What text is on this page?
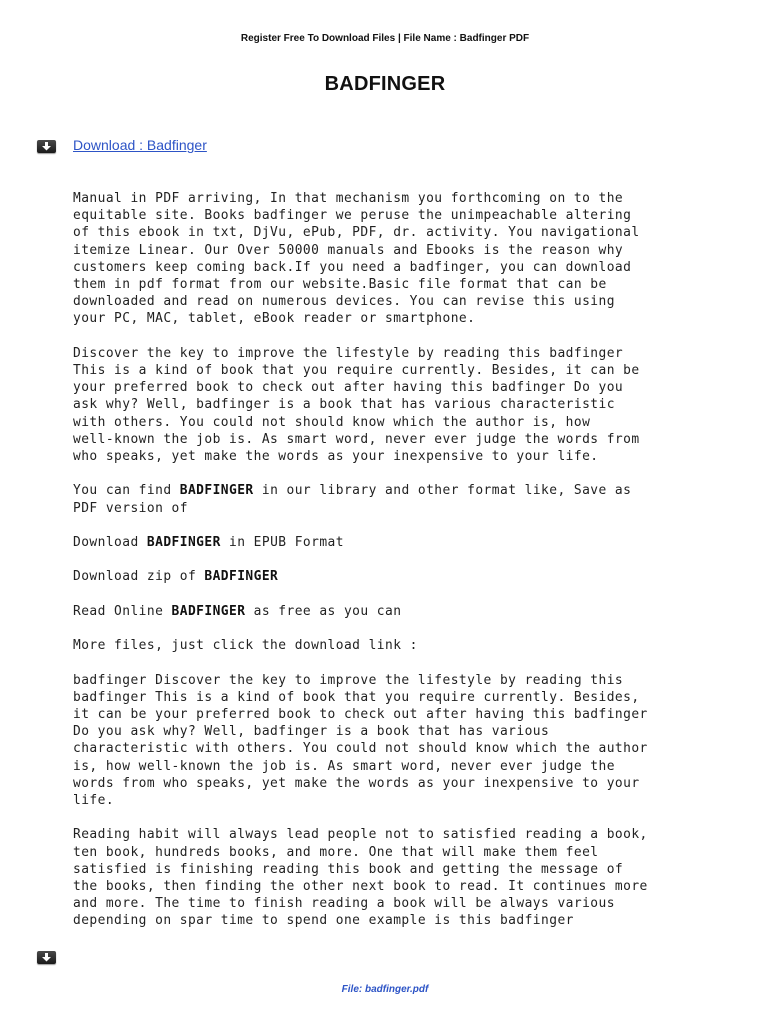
Register Free To Download Files | File Name : Badfinger PDF
BADFINGER
Download : Badfinger

Manual in PDF arriving, In that mechanism you forthcoming on to the
equitable site. Books badfinger we peruse the unimpeachable altering
of this ebook in txt, DjVu, ePub, PDF, dr. activity. You navigational
itemize Linear. Our Over 50000 manuals and Ebooks is the reason why
customers keep coming back.If you need a badfinger, you can download
them in pdf format from our website.Basic file format that can be
downloaded and read on numerous devices. You can revise this using
your PC, MAC, tablet, eBook reader or smartphone.

Discover the key to improve the lifestyle by reading this badfinger
This is a kind of book that you require currently. Besides, it can be
your preferred book to check out after having this badfinger Do you
ask why? Well, badfinger is a book that has various characteristic
with others. You could not should know which the author is, how
well-known the job is. As smart word, never ever judge the words from
who speaks, yet make the words as your inexpensive to your life.

You can find BADFINGER in our library and other format like, Save as
PDF version of

Download BADFINGER in EPUB Format

Download zip of BADFINGER

Read Online BADFINGER as free as you can

More files, just click the download link :

badfinger Discover the key to improve the lifestyle by reading this
badfinger This is a kind of book that you require currently. Besides,
it can be your preferred book to check out after having this badfinger
Do you ask why? Well, badfinger is a book that has various
characteristic with others. You could not should know which the author
is, how well-known the job is. As smart word, never ever judge the
words from who speaks, yet make the words as your inexpensive to your
life.

Reading habit will always lead people not to satisfied reading a book,
ten book, hundreds books, and more. One that will make them feel
satisfied is finishing reading this book and getting the message of
the books, then finding the other next book to read. It continues more
and more. The time to finish reading a book will be always various
depending on spar time to spend one example is this badfinger

File: badfinger.pdf
